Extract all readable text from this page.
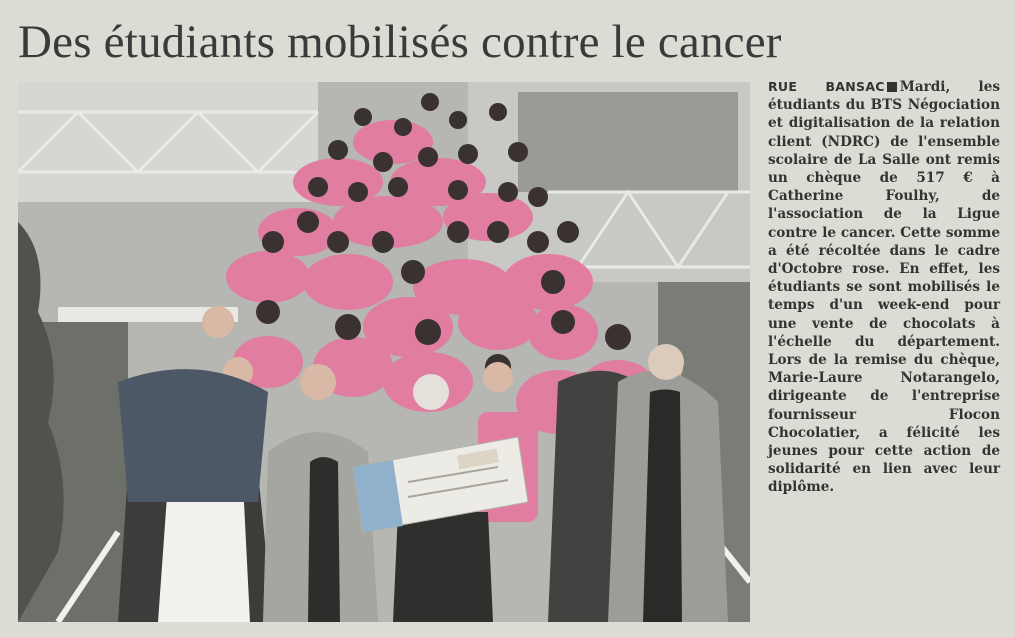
Des étudiants mobilisés contre le cancer

RUE BANSAC Mardi, les étudiants du BTS Négociation et digitalisation de la relation client (NDRC) de l'ensemble scolaire de La Salle ont remis un chèque de 517 € à Catherine Foulhy, de l'association de la Ligue contre le cancer. Cette somme a été récoltée dans le cadre d'Octobre rose. En effet, les étudiants se sont mobilisés le temps d'un week-end pour une vente de chocolats à l'échelle du département. Lors de la remise du chèque, Marie-Laure Notarangelo, dirigeante de l'entreprise fournisseur Flocon Chocolatier, a félicité les jeunes pour cette action de solidarité en lien avec leur diplôme.
